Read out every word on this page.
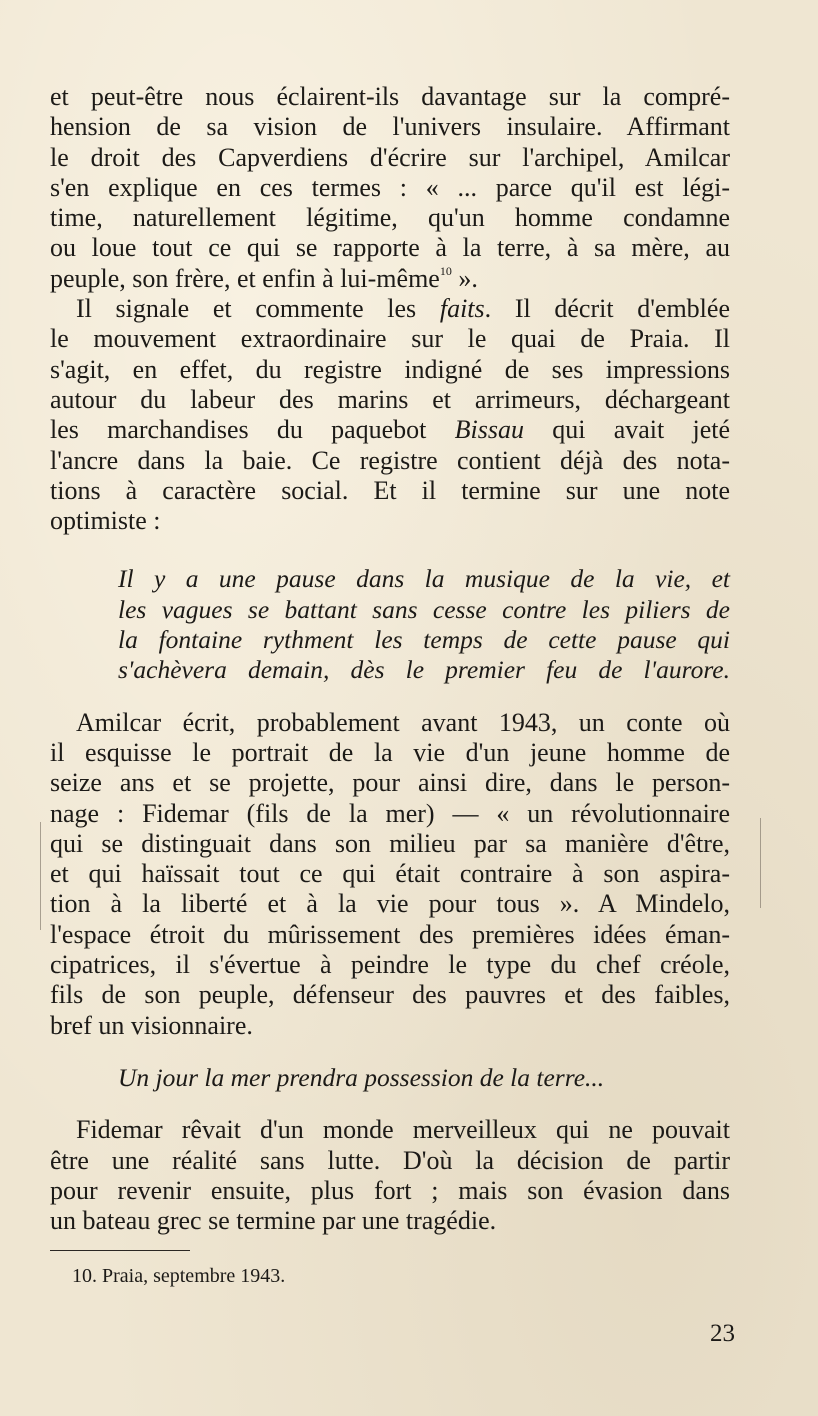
et peut-être nous éclairent-ils davantage sur la compré-
hension de sa vision de l'univers insulaire. Affirmant
le droit des Capverdiens d'écrire sur l'archipel, Amilcar
s'en explique en ces termes : « ... parce qu'il est légi-
time, naturellement légitime, qu'un homme condamne
ou loue tout ce qui se rapporte à la terre, à sa mère, au
peuple, son frère, et enfin à lui-même$^{10}$ ».
Il signale et commente les faits. Il décrit d'emblée
le mouvement extraordinaire sur le quai de Praia. Il
s'agit, en effet, du registre indigné de ses impressions
autour du labeur des marins et arrimeurs, déchargeant
les marchandises du paquebot Bissau qui avait jeté
l'ancre dans la baie. Ce registre contient déjà des nota-
tions à caractère social. Et il termine sur une note
optimiste :
Il y a une pause dans la musique de la vie, et
les vagues se battant sans cesse contre les piliers de
la fontaine rythment les temps de cette pause qui
s'achèvera demain, dès le premier feu de l'aurore.
Amilcar écrit, probablement avant 1943, un conte où
il esquisse le portrait de la vie d'un jeune homme de
seize ans et se projette, pour ainsi dire, dans le person-
nage : Fidemar (fils de la mer) — « un révolutionnaire
qui se distinguait dans son milieu par sa manière d'être,
et qui haïssait tout ce qui était contraire à son aspira-
tion à la liberté et à la vie pour tous ». A Mindelo,
l'espace étroit du mûrissement des premières idées éman-
cipatrices, il s'évertue à peindre le type du chef créole,
fils de son peuple, défenseur des pauvres et des faibles,
bref un visionnaire.
Un jour la mer prendra possession de la terre...
Fidemar rêvait d'un monde merveilleux qui ne pouvait
être une réalité sans lutte. D'où la décision de partir
pour revenir ensuite, plus fort ; mais son évasion dans
un bateau grec se termine par une tragédie.
10. Praia, septembre 1943.
23
